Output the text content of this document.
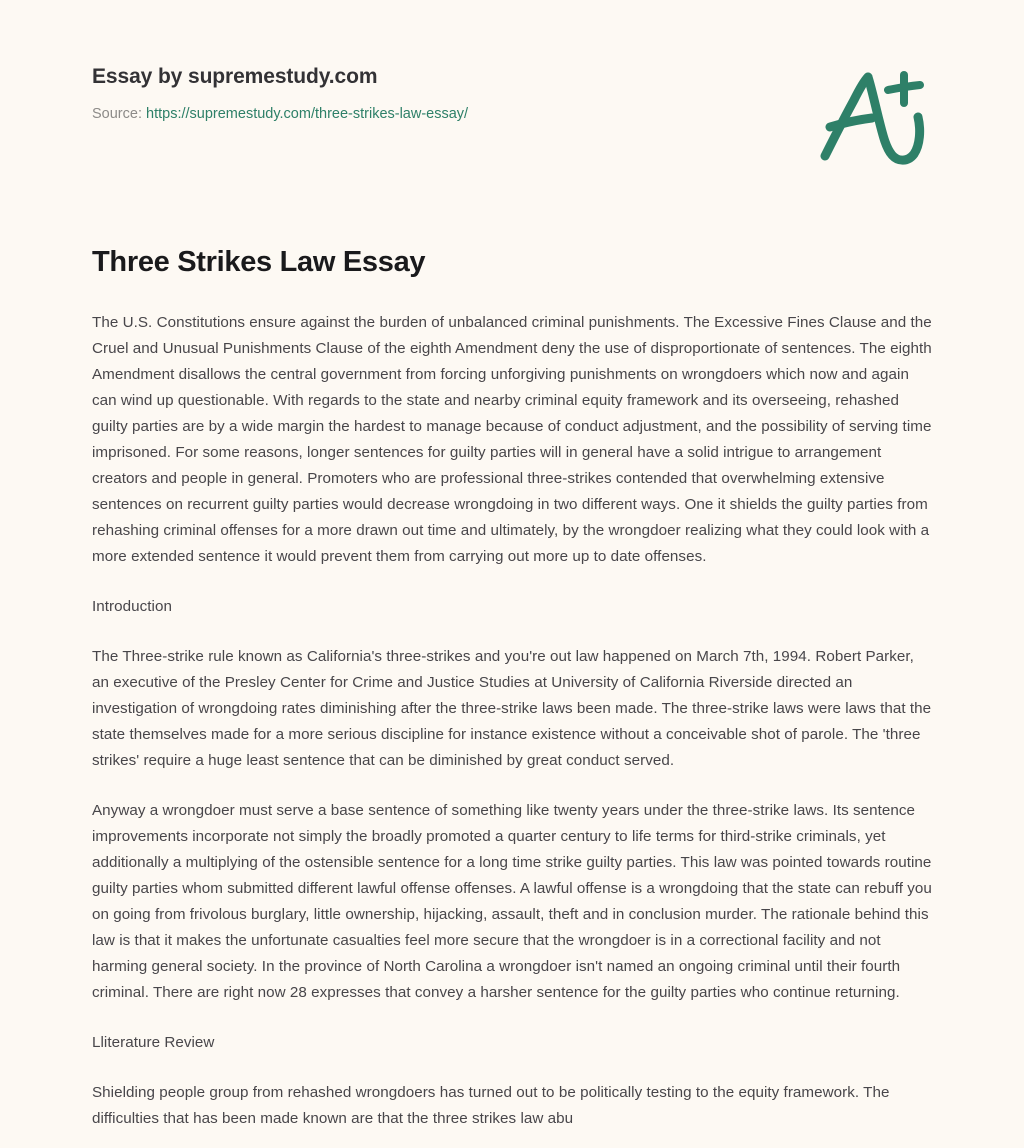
Essay by supremestudy.com
Source: https://supremestudy.com/three-strikes-law-essay/
Three Strikes Law Essay

The U.S. Constitutions ensure against the burden of unbalanced criminal punishments. The Excessive Fines Clause and the Cruel and Unusual Punishments Clause of the eighth Amendment deny the use of disproportionate of sentences. The eighth Amendment disallows the central government from forcing unforgiving punishments on wrongdoers which now and again can wind up questionable. With regards to the state and nearby criminal equity framework and its overseeing, rehashed guilty parties are by a wide margin the hardest to manage because of conduct adjustment, and the possibility of serving time imprisoned. For some reasons, longer sentences for guilty parties will in general have a solid intrigue to arrangement creators and people in general. Promoters who are professional three-strikes contended that overwhelming extensive sentences on recurrent guilty parties would decrease wrongdoing in two different ways. One it shields the guilty parties from rehashing criminal offenses for a more drawn out time and ultimately, by the wrongdoer realizing what they could look with a more extended sentence it would prevent them from carrying out more up to date offenses.

Introduction

The Three-strike rule known as California's three-strikes and you're out law happened on March 7th, 1994. Robert Parker, an executive of the Presley Center for Crime and Justice Studies at University of California Riverside directed an investigation of wrongdoing rates diminishing after the three-strike laws been made. The three-strike laws were laws that the state themselves made for a more serious discipline for instance existence without a conceivable shot of parole. The 'three strikes' require a huge least sentence that can be diminished by great conduct served.

Anyway a wrongdoer must serve a base sentence of something like twenty years under the three-strike laws. Its sentence improvements incorporate not simply the broadly promoted a quarter century to life terms for third-strike criminals, yet additionally a multiplying of the ostensible sentence for a long time strike guilty parties. This law was pointed towards routine guilty parties whom submitted different lawful offense offenses. A lawful offense is a wrongdoing that the state can rebuff you on going from frivolous burglary, little ownership, hijacking, assault, theft and in conclusion murder. The rationale behind this law is that it makes the unfortunate casualties feel more secure that the wrongdoer is in a correctional facility and not harming general society. In the province of North Carolina a wrongdoer isn't named an ongoing criminal until their fourth criminal. There are right now 28 expresses that convey a harsher sentence for the guilty parties who continue returning.

Lliterature Review

Shielding people group from rehashed wrongdoers has turned out to be politically testing to the equity framework. The difficulties that has been made known are that the three strikes law abu
